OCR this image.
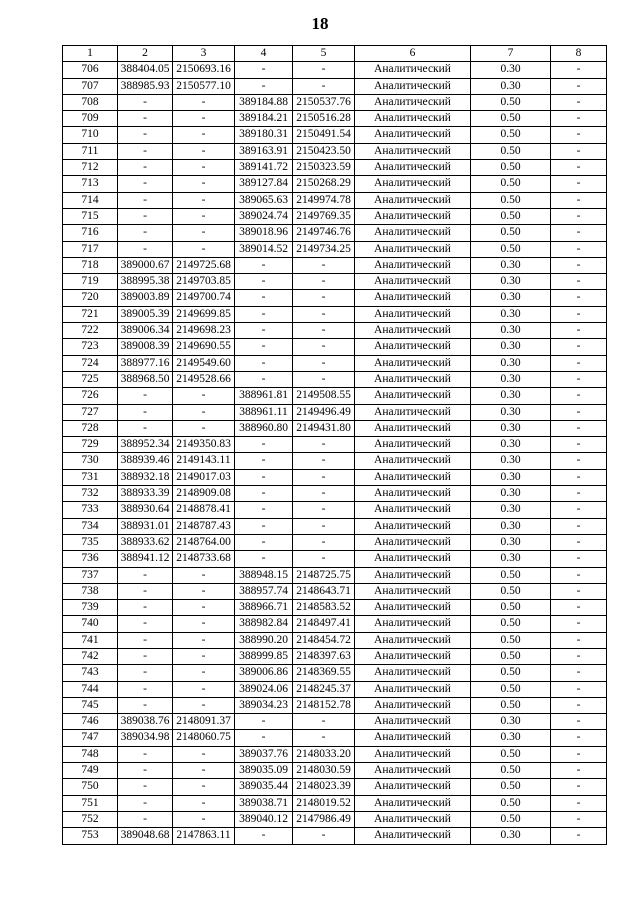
18
1	2	3	4	5	6	7	8
706	388404.05	2150693.16	-	-	Аналитический	0.30	-
707	388985.93	2150577.10	-	-	Аналитический	0.30	-
708	-	-	389184.88	2150537.76	Аналитический	0.50	-
709	-	-	389184.21	2150516.28	Аналитический	0.50	-
710	-	-	389180.31	2150491.54	Аналитический	0.50	-
711	-	-	389163.91	2150423.50	Аналитический	0.50	-
712	-	-	389141.72	2150323.59	Аналитический	0.50	-
713	-	-	389127.84	2150268.29	Аналитический	0.50	-
714	-	-	389065.63	2149974.78	Аналитический	0.50	-
715	-	-	389024.74	2149769.35	Аналитический	0.50	-
716	-	-	389018.96	2149746.76	Аналитический	0.50	-
717	-	-	389014.52	2149734.25	Аналитический	0.50	-
718	389000.67	2149725.68	-	-	Аналитический	0.30	-
719	388995.38	2149703.85	-	-	Аналитический	0.30	-
720	389003.89	2149700.74	-	-	Аналитический	0.30	-
721	389005.39	2149699.85	-	-	Аналитический	0.30	-
722	389006.34	2149698.23	-	-	Аналитический	0.30	-
723	389008.39	2149690.55	-	-	Аналитический	0.30	-
724	388977.16	2149549.60	-	-	Аналитический	0.30	-
725	388968.50	2149528.66	-	-	Аналитический	0.30	-
726	-	-	388961.81	2149508.55	Аналитический	0.30	-
727	-	-	388961.11	2149496.49	Аналитический	0.30	-
728	-	-	388960.80	2149431.80	Аналитический	0.30	-
729	388952.34	2149350.83	-	-	Аналитический	0.30	-
730	388939.46	2149143.11	-	-	Аналитический	0.30	-
731	388932.18	2149017.03	-	-	Аналитический	0.30	-
732	388933.39	2148909.08	-	-	Аналитический	0.30	-
733	388930.64	2148878.41	-	-	Аналитический	0.30	-
734	388931.01	2148787.43	-	-	Аналитический	0.30	-
735	388933.62	2148764.00	-	-	Аналитический	0.30	-
736	388941.12	2148733.68	-	-	Аналитический	0.30	-
737	-	-	388948.15	2148725.75	Аналитический	0.50	-
738	-	-	388957.74	2148643.71	Аналитический	0.50	-
739	-	-	388966.71	2148583.52	Аналитический	0.50	-
740	-	-	388982.84	2148497.41	Аналитический	0.50	-
741	-	-	388990.20	2148454.72	Аналитический	0.50	-
742	-	-	388999.85	2148397.63	Аналитический	0.50	-
743	-	-	389006.86	2148369.55	Аналитический	0.50	-
744	-	-	389024.06	2148245.37	Аналитический	0.50	-
745	-	-	389034.23	2148152.78	Аналитический	0.50	-
746	389038.76	2148091.37	-	-	Аналитический	0.30	-
747	389034.98	2148060.75	-	-	Аналитический	0.30	-
748	-	-	389037.76	2148033.20	Аналитический	0.50	-
749	-	-	389035.09	2148030.59	Аналитический	0.50	-
750	-	-	389035.44	2148023.39	Аналитический	0.50	-
751	-	-	389038.71	2148019.52	Аналитический	0.50	-
752	-	-	389040.12	2147986.49	Аналитический	0.50	-
753	389048.68	2147863.11	-	-	Аналитический	0.30	-
